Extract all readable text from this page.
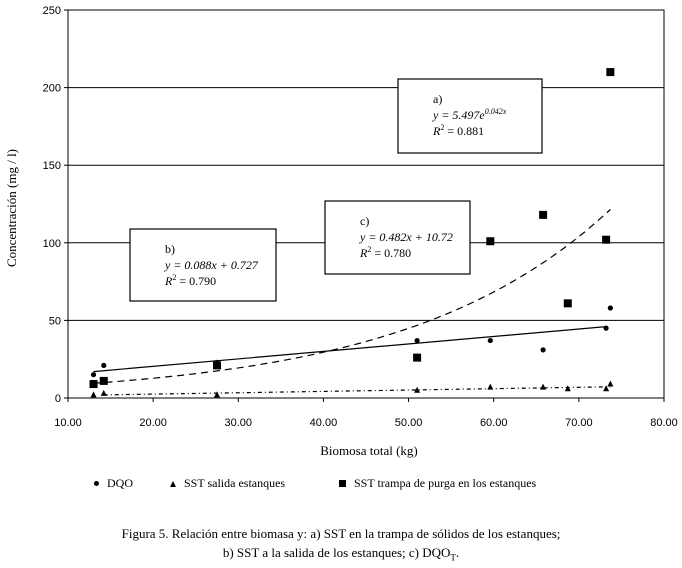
0
50
100
150
200
250
10.00	20.00	30.00	40.00	50.00	60.00	70.00	80.00
Biomosa total (kg)
Concentración (mg / l)
a)
$y = 5.497e^{0.042x}$
$R^2 = 0.881$
b)
y = 0.088x + 0.727
$R^2 = 0.790$
c)
y = 0.482x + 10.72
$R^2 = 0.780$
DQO	SST salida estanques	SST trampa de purga en los estanques
Figura 5. Relación entre biomasa y: a) SST en la trampa de sólidos de los estanques;
b) SST a la salida de los estanques; c) $DQO_T$.
